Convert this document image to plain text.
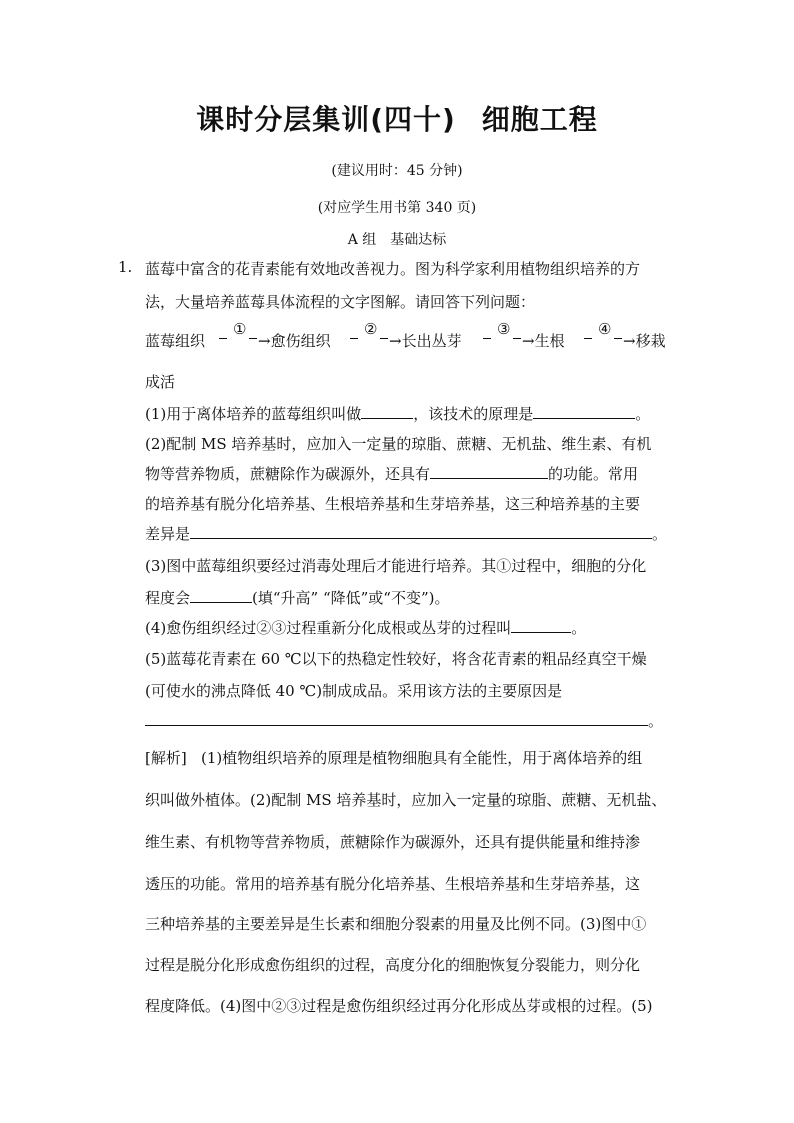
课时分层集训(四十) 细胞工程
(建议用时：45 分钟)
(对应学生用书第 340 页)
A 组 基础达标
1. 蓝莓中富含的花青素能有效地改善视力。图为科学家利用植物组织培养的方
法，大量培养蓝莓具体流程的文字图解。请回答下列问题：
蓝莓组织
①
→愈伤组织
②
→长出丛芽
③
→生根
④
→移栽
成活
(1)用于离体培养的蓝莓组织叫做	，该技术的原理是	。
(2)配制 MS 培养基时，应加入一定量的琼脂、蔗糖、无机盐、维生素、有机
物等营养物质，蔗糖除作为碳源外，还具有	的功能。常用
的培养基有脱分化培养基、生根培养基和生芽培养基，这三种培养基的主要
差异是	。
(3)图中蓝莓组织要经过消毒处理后才能进行培养。其①过程中，细胞的分化
程度会	(填“升高” “降低”或“不变”)。
(4)愈伤组织经过②③过程重新分化成根或丛芽的过程叫	。
(5)蓝莓花青素在 60 ℃以下的热稳定性较好，将含花青素的粗品经真空干燥
(可使水的沸点降低 40 ℃)制成成品。采用该方法的主要原因是
。
[解析] (1)植物组织培养的原理是植物细胞具有全能性，用于离体培养的组
织叫做外植体。(2)配制 MS 培养基时，应加入一定量的琼脂、蔗糖、无机盐、
维生素、有机物等营养物质，蔗糖除作为碳源外，还具有提供能量和维持渗
透压的功能。常用的培养基有脱分化培养基、生根培养基和生芽培养基，这
三种培养基的主要差异是生长素和细胞分裂素的用量及比例不同。(3)图中①
过程是脱分化形成愈伤组织的过程，高度分化的细胞恢复分裂能力，则分化
程度降低。(4)图中②③过程是愈伤组织经过再分化形成丛芽或根的过程。(5)
